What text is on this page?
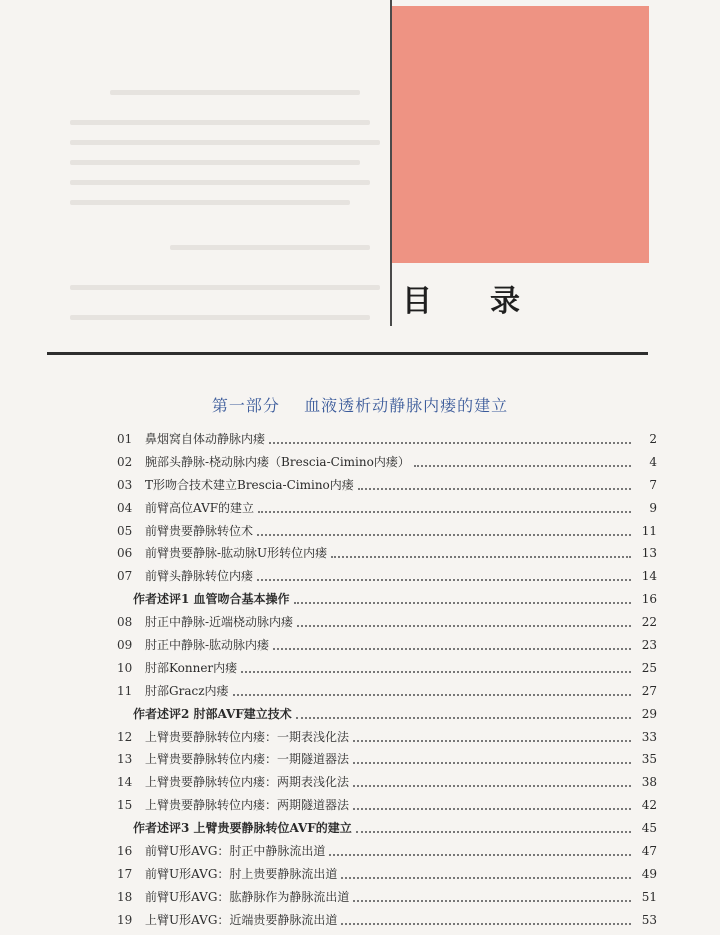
目 录
第一部分    血液透析动静脉内瘘的建立
01	鼻烟窝自体动静脉内瘘	2
02	腕部头静脉-桡动脉内瘘（Brescia-Cimino内瘘）	4
03	T形吻合技术建立Brescia-Cimino内瘘	7
04	前臂高位AVF的建立	9
05	前臂贵要静脉转位术	11
06	前臂贵要静脉-肱动脉U形转位内瘘	13
07	前臂头静脉转位内瘘	14
作者述评1 血管吻合基本操作	16
08	肘正中静脉-近端桡动脉内瘘	22
09	肘正中静脉-肱动脉内瘘	23
10	肘部Konner内瘘	25
11	肘部Gracz内瘘	27
作者述评2 肘部AVF建立技术	29
12	上臂贵要静脉转位内瘘：一期表浅化法	33
13	上臂贵要静脉转位内瘘：一期隧道器法	35
14	上臂贵要静脉转位内瘘：两期表浅化法	38
15	上臂贵要静脉转位内瘘：两期隧道器法	42
作者述评3 上臂贵要静脉转位AVF的建立	45
16	前臂U形AVG：肘正中静脉流出道	47
17	前臂U形AVG：肘上贵要静脉流出道	49
18	前臂U形AVG：肱静脉作为静脉流出道	51
19	上臂U形AVG：近端贵要静脉流出道	53
